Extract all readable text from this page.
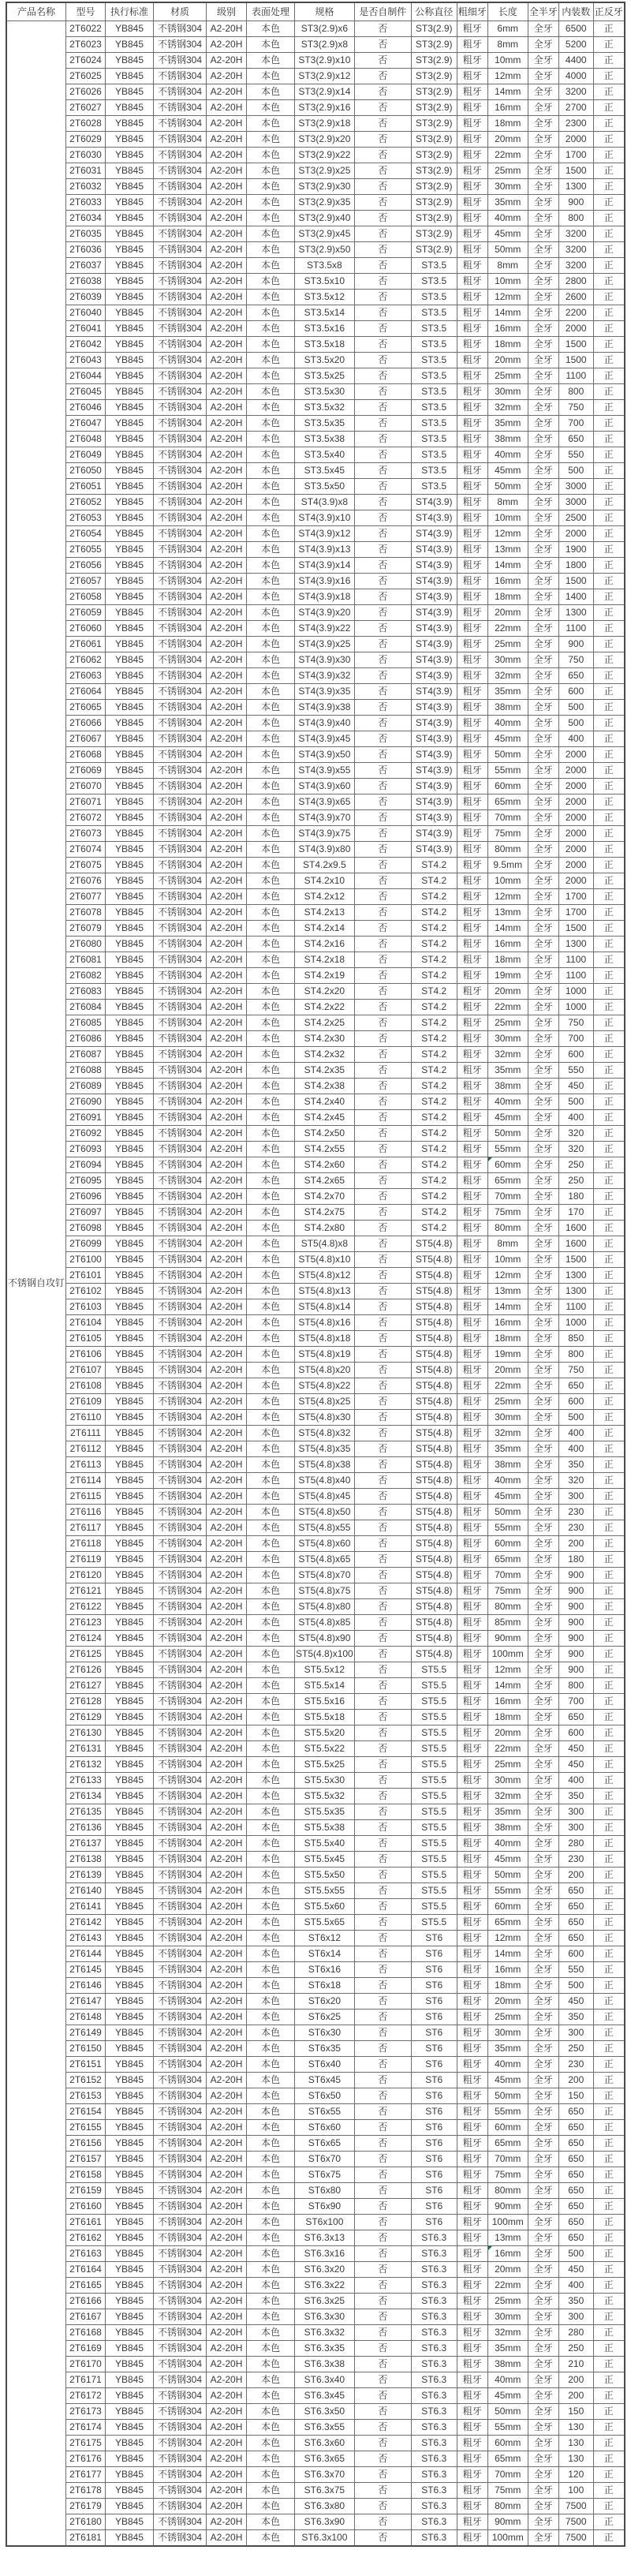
产品名称	型号	执行标准	材质	级别	表面处理	规格	是否自制件	公称直径	粗细牙	长度	全半牙	内装数	正反牙
不锈钢自攻钉	2T6022	YB845	不锈钢304	A2-20H	本色	ST3(2.9)x6	否	ST3(2.9)	粗牙	6mm	全牙	6500	正
	2T6023	YB845	不锈钢304	A2-20H	本色	ST3(2.9)x8	否	ST3(2.9)	粗牙	8mm	全牙	5200	正
	2T6024	YB845	不锈钢304	A2-20H	本色	ST3(2.9)x10	否	ST3(2.9)	粗牙	10mm	全牙	4400	正
	2T6025	YB845	不锈钢304	A2-20H	本色	ST3(2.9)x12	否	ST3(2.9)	粗牙	12mm	全牙	4000	正
	2T6026	YB845	不锈钢304	A2-20H	本色	ST3(2.9)x14	否	ST3(2.9)	粗牙	14mm	全牙	3200	正
	2T6027	YB845	不锈钢304	A2-20H	本色	ST3(2.9)x16	否	ST3(2.9)	粗牙	16mm	全牙	2700	正
	2T6028	YB845	不锈钢304	A2-20H	本色	ST3(2.9)x18	否	ST3(2.9)	粗牙	18mm	全牙	2300	正
	2T6029	YB845	不锈钢304	A2-20H	本色	ST3(2.9)x20	否	ST3(2.9)	粗牙	20mm	全牙	2000	正
	2T6030	YB845	不锈钢304	A2-20H	本色	ST3(2.9)x22	否	ST3(2.9)	粗牙	22mm	全牙	1700	正
	2T6031	YB845	不锈钢304	A2-20H	本色	ST3(2.9)x25	否	ST3(2.9)	粗牙	25mm	全牙	1500	正
	2T6032	YB845	不锈钢304	A2-20H	本色	ST3(2.9)x30	否	ST3(2.9)	粗牙	30mm	全牙	1300	正
	2T6033	YB845	不锈钢304	A2-20H	本色	ST3(2.9)x35	否	ST3(2.9)	粗牙	35mm	全牙	900	正
	2T6034	YB845	不锈钢304	A2-20H	本色	ST3(2.9)x40	否	ST3(2.9)	粗牙	40mm	全牙	800	正
	2T6035	YB845	不锈钢304	A2-20H	本色	ST3(2.9)x45	否	ST3(2.9)	粗牙	45mm	全牙	3200	正
	2T6036	YB845	不锈钢304	A2-20H	本色	ST3(2.9)x50	否	ST3(2.9)	粗牙	50mm	全牙	3200	正
	2T6037	YB845	不锈钢304	A2-20H	本色	ST3.5x8	否	ST3.5	粗牙	8mm	全牙	3200	正
	2T6038	YB845	不锈钢304	A2-20H	本色	ST3.5x10	否	ST3.5	粗牙	10mm	全牙	2800	正
	2T6039	YB845	不锈钢304	A2-20H	本色	ST3.5x12	否	ST3.5	粗牙	12mm	全牙	2600	正
	2T6040	YB845	不锈钢304	A2-20H	本色	ST3.5x14	否	ST3.5	粗牙	14mm	全牙	2200	正
	2T6041	YB845	不锈钢304	A2-20H	本色	ST3.5x16	否	ST3.5	粗牙	16mm	全牙	2000	正
	2T6042	YB845	不锈钢304	A2-20H	本色	ST3.5x18	否	ST3.5	粗牙	18mm	全牙	1500	正
	2T6043	YB845	不锈钢304	A2-20H	本色	ST3.5x20	否	ST3.5	粗牙	20mm	全牙	1500	正
	2T6044	YB845	不锈钢304	A2-20H	本色	ST3.5x25	否	ST3.5	粗牙	25mm	全牙	1100	正
	2T6045	YB845	不锈钢304	A2-20H	本色	ST3.5x30	否	ST3.5	粗牙	30mm	全牙	800	正
	2T6046	YB845	不锈钢304	A2-20H	本色	ST3.5x32	否	ST3.5	粗牙	32mm	全牙	750	正
	2T6047	YB845	不锈钢304	A2-20H	本色	ST3.5x35	否	ST3.5	粗牙	35mm	全牙	700	正
	2T6048	YB845	不锈钢304	A2-20H	本色	ST3.5x38	否	ST3.5	粗牙	38mm	全牙	650	正
	2T6049	YB845	不锈钢304	A2-20H	本色	ST3.5x40	否	ST3.5	粗牙	40mm	全牙	550	正
	2T6050	YB845	不锈钢304	A2-20H	本色	ST3.5x45	否	ST3.5	粗牙	45mm	全牙	500	正
	2T6051	YB845	不锈钢304	A2-20H	本色	ST3.5x50	否	ST3.5	粗牙	50mm	全牙	3000	正
	2T6052	YB845	不锈钢304	A2-20H	本色	ST4(3.9)x8	否	ST4(3.9)	粗牙	8mm	全牙	3000	正
	2T6053	YB845	不锈钢304	A2-20H	本色	ST4(3.9)x10	否	ST4(3.9)	粗牙	10mm	全牙	2500	正
	2T6054	YB845	不锈钢304	A2-20H	本色	ST4(3.9)x12	否	ST4(3.9)	粗牙	12mm	全牙	2000	正
	2T6055	YB845	不锈钢304	A2-20H	本色	ST4(3.9)x13	否	ST4(3.9)	粗牙	13mm	全牙	1900	正
	2T6056	YB845	不锈钢304	A2-20H	本色	ST4(3.9)x14	否	ST4(3.9)	粗牙	14mm	全牙	1800	正
	2T6057	YB845	不锈钢304	A2-20H	本色	ST4(3.9)x16	否	ST4(3.9)	粗牙	16mm	全牙	1500	正
	2T6058	YB845	不锈钢304	A2-20H	本色	ST4(3.9)x18	否	ST4(3.9)	粗牙	18mm	全牙	1400	正
	2T6059	YB845	不锈钢304	A2-20H	本色	ST4(3.9)x20	否	ST4(3.9)	粗牙	20mm	全牙	1300	正
	2T6060	YB845	不锈钢304	A2-20H	本色	ST4(3.9)x22	否	ST4(3.9)	粗牙	22mm	全牙	1100	正
	2T6061	YB845	不锈钢304	A2-20H	本色	ST4(3.9)x25	否	ST4(3.9)	粗牙	25mm	全牙	900	正
	2T6062	YB845	不锈钢304	A2-20H	本色	ST4(3.9)x30	否	ST4(3.9)	粗牙	30mm	全牙	750	正
	2T6063	YB845	不锈钢304	A2-20H	本色	ST4(3.9)x32	否	ST4(3.9)	粗牙	32mm	全牙	650	正
	2T6064	YB845	不锈钢304	A2-20H	本色	ST4(3.9)x35	否	ST4(3.9)	粗牙	35mm	全牙	600	正
	2T6065	YB845	不锈钢304	A2-20H	本色	ST4(3.9)x38	否	ST4(3.9)	粗牙	38mm	全牙	500	正
	2T6066	YB845	不锈钢304	A2-20H	本色	ST4(3.9)x40	否	ST4(3.9)	粗牙	40mm	全牙	500	正
	2T6067	YB845	不锈钢304	A2-20H	本色	ST4(3.9)x45	否	ST4(3.9)	粗牙	45mm	全牙	400	正
	2T6068	YB845	不锈钢304	A2-20H	本色	ST4(3.9)x50	否	ST4(3.9)	粗牙	50mm	全牙	2000	正
	2T6069	YB845	不锈钢304	A2-20H	本色	ST4(3.9)x55	否	ST4(3.9)	粗牙	55mm	全牙	2000	正
	2T6070	YB845	不锈钢304	A2-20H	本色	ST4(3.9)x60	否	ST4(3.9)	粗牙	60mm	全牙	2000	正
	2T6071	YB845	不锈钢304	A2-20H	本色	ST4(3.9)x65	否	ST4(3.9)	粗牙	65mm	全牙	2000	正
	2T6072	YB845	不锈钢304	A2-20H	本色	ST4(3.9)x70	否	ST4(3.9)	粗牙	70mm	全牙	2000	正
	2T6073	YB845	不锈钢304	A2-20H	本色	ST4(3.9)x75	否	ST4(3.9)	粗牙	75mm	全牙	2000	正
	2T6074	YB845	不锈钢304	A2-20H	本色	ST4(3.9)x80	否	ST4(3.9)	粗牙	80mm	全牙	2000	正
	2T6075	YB845	不锈钢304	A2-20H	本色	ST4.2x9.5	否	ST4.2	粗牙	9.5mm	全牙	2000	正
	2T6076	YB845	不锈钢304	A2-20H	本色	ST4.2x10	否	ST4.2	粗牙	10mm	全牙	2000	正
	2T6077	YB845	不锈钢304	A2-20H	本色	ST4.2x12	否	ST4.2	粗牙	12mm	全牙	1700	正
	2T6078	YB845	不锈钢304	A2-20H	本色	ST4.2x13	否	ST4.2	粗牙	13mm	全牙	1700	正
	2T6079	YB845	不锈钢304	A2-20H	本色	ST4.2x14	否	ST4.2	粗牙	14mm	全牙	1500	正
	2T6080	YB845	不锈钢304	A2-20H	本色	ST4.2x16	否	ST4.2	粗牙	16mm	全牙	1300	正
	2T6081	YB845	不锈钢304	A2-20H	本色	ST4.2x18	否	ST4.2	粗牙	18mm	全牙	1100	正
	2T6082	YB845	不锈钢304	A2-20H	本色	ST4.2x19	否	ST4.2	粗牙	19mm	全牙	1100	正
	2T6083	YB845	不锈钢304	A2-20H	本色	ST4.2x20	否	ST4.2	粗牙	20mm	全牙	1000	正
	2T6084	YB845	不锈钢304	A2-20H	本色	ST4.2x22	否	ST4.2	粗牙	22mm	全牙	1000	正
	2T6085	YB845	不锈钢304	A2-20H	本色	ST4.2x25	否	ST4.2	粗牙	25mm	全牙	750	正
	2T6086	YB845	不锈钢304	A2-20H	本色	ST4.2x30	否	ST4.2	粗牙	30mm	全牙	700	正
	2T6087	YB845	不锈钢304	A2-20H	本色	ST4.2x32	否	ST4.2	粗牙	32mm	全牙	600	正
	2T6088	YB845	不锈钢304	A2-20H	本色	ST4.2x35	否	ST4.2	粗牙	35mm	全牙	550	正
	2T6089	YB845	不锈钢304	A2-20H	本色	ST4.2x38	否	ST4.2	粗牙	38mm	全牙	450	正
	2T6090	YB845	不锈钢304	A2-20H	本色	ST4.2x40	否	ST4.2	粗牙	40mm	全牙	500	正
	2T6091	YB845	不锈钢304	A2-20H	本色	ST4.2x45	否	ST4.2	粗牙	45mm	全牙	400	正
	2T6092	YB845	不锈钢304	A2-20H	本色	ST4.2x50	否	ST4.2	粗牙	50mm	全牙	320	正
	2T6093	YB845	不锈钢304	A2-20H	本色	ST4.2x55	否	ST4.2	粗牙	55mm	全牙	320	正
	2T6094	YB845	不锈钢304	A2-20H	本色	ST4.2x60	否	ST4.2	粗牙	60mm	全牙	250	正
	2T6095	YB845	不锈钢304	A2-20H	本色	ST4.2x65	否	ST4.2	粗牙	65mm	全牙	250	正
	2T6096	YB845	不锈钢304	A2-20H	本色	ST4.2x70	否	ST4.2	粗牙	70mm	全牙	180	正
	2T6097	YB845	不锈钢304	A2-20H	本色	ST4.2x75	否	ST4.2	粗牙	75mm	全牙	170	正
	2T6098	YB845	不锈钢304	A2-20H	本色	ST4.2x80	否	ST4.2	粗牙	80mm	全牙	1600	正
	2T6099	YB845	不锈钢304	A2-20H	本色	ST5(4.8)x8	否	ST5(4.8)	粗牙	8mm	全牙	1600	正
	2T6100	YB845	不锈钢304	A2-20H	本色	ST5(4.8)x10	否	ST5(4.8)	粗牙	10mm	全牙	1500	正
	2T6101	YB845	不锈钢304	A2-20H	本色	ST5(4.8)x12	否	ST5(4.8)	粗牙	12mm	全牙	1300	正
	2T6102	YB845	不锈钢304	A2-20H	本色	ST5(4.8)x13	否	ST5(4.8)	粗牙	13mm	全牙	1300	正
	2T6103	YB845	不锈钢304	A2-20H	本色	ST5(4.8)x14	否	ST5(4.8)	粗牙	14mm	全牙	1100	正
	2T6104	YB845	不锈钢304	A2-20H	本色	ST5(4.8)x16	否	ST5(4.8)	粗牙	16mm	全牙	1000	正
	2T6105	YB845	不锈钢304	A2-20H	本色	ST5(4.8)x18	否	ST5(4.8)	粗牙	18mm	全牙	850	正
	2T6106	YB845	不锈钢304	A2-20H	本色	ST5(4.8)x19	否	ST5(4.8)	粗牙	19mm	全牙	800	正
	2T6107	YB845	不锈钢304	A2-20H	本色	ST5(4.8)x20	否	ST5(4.8)	粗牙	20mm	全牙	750	正
	2T6108	YB845	不锈钢304	A2-20H	本色	ST5(4.8)x22	否	ST5(4.8)	粗牙	22mm	全牙	650	正
	2T6109	YB845	不锈钢304	A2-20H	本色	ST5(4.8)x25	否	ST5(4.8)	粗牙	25mm	全牙	600	正
	2T6110	YB845	不锈钢304	A2-20H	本色	ST5(4.8)x30	否	ST5(4.8)	粗牙	30mm	全牙	500	正
	2T6111	YB845	不锈钢304	A2-20H	本色	ST5(4.8)x32	否	ST5(4.8)	粗牙	32mm	全牙	400	正
	2T6112	YB845	不锈钢304	A2-20H	本色	ST5(4.8)x35	否	ST5(4.8)	粗牙	35mm	全牙	400	正
	2T6113	YB845	不锈钢304	A2-20H	本色	ST5(4.8)x38	否	ST5(4.8)	粗牙	38mm	全牙	350	正
	2T6114	YB845	不锈钢304	A2-20H	本色	ST5(4.8)x40	否	ST5(4.8)	粗牙	40mm	全牙	320	正
	2T6115	YB845	不锈钢304	A2-20H	本色	ST5(4.8)x45	否	ST5(4.8)	粗牙	45mm	全牙	300	正
	2T6116	YB845	不锈钢304	A2-20H	本色	ST5(4.8)x50	否	ST5(4.8)	粗牙	50mm	全牙	230	正
	2T6117	YB845	不锈钢304	A2-20H	本色	ST5(4.8)x55	否	ST5(4.8)	粗牙	55mm	全牙	230	正
	2T6118	YB845	不锈钢304	A2-20H	本色	ST5(4.8)x60	否	ST5(4.8)	粗牙	60mm	全牙	200	正
	2T6119	YB845	不锈钢304	A2-20H	本色	ST5(4.8)x65	否	ST5(4.8)	粗牙	65mm	全牙	180	正
	2T6120	YB845	不锈钢304	A2-20H	本色	ST5(4.8)x70	否	ST5(4.8)	粗牙	70mm	全牙	900	正
	2T6121	YB845	不锈钢304	A2-20H	本色	ST5(4.8)x75	否	ST5(4.8)	粗牙	75mm	全牙	900	正
	2T6122	YB845	不锈钢304	A2-20H	本色	ST5(4.8)x80	否	ST5(4.8)	粗牙	80mm	全牙	900	正
	2T6123	YB845	不锈钢304	A2-20H	本色	ST5(4.8)x85	否	ST5(4.8)	粗牙	85mm	全牙	900	正
	2T6124	YB845	不锈钢304	A2-20H	本色	ST5(4.8)x90	否	ST5(4.8)	粗牙	90mm	全牙	900	正
	2T6125	YB845	不锈钢304	A2-20H	本色	ST5(4.8)x100	否	ST5(4.8)	粗牙	100mm	全牙	900	正
	2T6126	YB845	不锈钢304	A2-20H	本色	ST5.5x12	否	ST5.5	粗牙	12mm	全牙	900	正
	2T6127	YB845	不锈钢304	A2-20H	本色	ST5.5x14	否	ST5.5	粗牙	14mm	全牙	800	正
	2T6128	YB845	不锈钢304	A2-20H	本色	ST5.5x16	否	ST5.5	粗牙	16mm	全牙	700	正
	2T6129	YB845	不锈钢304	A2-20H	本色	ST5.5x18	否	ST5.5	粗牙	18mm	全牙	650	正
	2T6130	YB845	不锈钢304	A2-20H	本色	ST5.5x20	否	ST5.5	粗牙	20mm	全牙	600	正
	2T6131	YB845	不锈钢304	A2-20H	本色	ST5.5x22	否	ST5.5	粗牙	22mm	全牙	450	正
	2T6132	YB845	不锈钢304	A2-20H	本色	ST5.5x25	否	ST5.5	粗牙	25mm	全牙	450	正
	2T6133	YB845	不锈钢304	A2-20H	本色	ST5.5x30	否	ST5.5	粗牙	30mm	全牙	400	正
	2T6134	YB845	不锈钢304	A2-20H	本色	ST5.5x32	否	ST5.5	粗牙	32mm	全牙	350	正
	2T6135	YB845	不锈钢304	A2-20H	本色	ST5.5x35	否	ST5.5	粗牙	35mm	全牙	300	正
	2T6136	YB845	不锈钢304	A2-20H	本色	ST5.5x38	否	ST5.5	粗牙	38mm	全牙	300	正
	2T6137	YB845	不锈钢304	A2-20H	本色	ST5.5x40	否	ST5.5	粗牙	40mm	全牙	280	正
	2T6138	YB845	不锈钢304	A2-20H	本色	ST5.5x45	否	ST5.5	粗牙	45mm	全牙	230	正
	2T6139	YB845	不锈钢304	A2-20H	本色	ST5.5x50	否	ST5.5	粗牙	50mm	全牙	200	正
	2T6140	YB845	不锈钢304	A2-20H	本色	ST5.5x55	否	ST5.5	粗牙	55mm	全牙	650	正
	2T6141	YB845	不锈钢304	A2-20H	本色	ST5.5x60	否	ST5.5	粗牙	60mm	全牙	650	正
	2T6142	YB845	不锈钢304	A2-20H	本色	ST5.5x65	否	ST5.5	粗牙	65mm	全牙	650	正
	2T6143	YB845	不锈钢304	A2-20H	本色	ST6x12	否	ST6	粗牙	12mm	全牙	650	正
	2T6144	YB845	不锈钢304	A2-20H	本色	ST6x14	否	ST6	粗牙	14mm	全牙	600	正
	2T6145	YB845	不锈钢304	A2-20H	本色	ST6x16	否	ST6	粗牙	16mm	全牙	550	正
	2T6146	YB845	不锈钢304	A2-20H	本色	ST6x18	否	ST6	粗牙	18mm	全牙	500	正
	2T6147	YB845	不锈钢304	A2-20H	本色	ST6x20	否	ST6	粗牙	20mm	全牙	450	正
	2T6148	YB845	不锈钢304	A2-20H	本色	ST6x25	否	ST6	粗牙	25mm	全牙	350	正
	2T6149	YB845	不锈钢304	A2-20H	本色	ST6x30	否	ST6	粗牙	30mm	全牙	300	正
	2T6150	YB845	不锈钢304	A2-20H	本色	ST6x35	否	ST6	粗牙	35mm	全牙	250	正
	2T6151	YB845	不锈钢304	A2-20H	本色	ST6x40	否	ST6	粗牙	40mm	全牙	230	正
	2T6152	YB845	不锈钢304	A2-20H	本色	ST6x45	否	ST6	粗牙	45mm	全牙	200	正
	2T6153	YB845	不锈钢304	A2-20H	本色	ST6x50	否	ST6	粗牙	50mm	全牙	150	正
	2T6154	YB845	不锈钢304	A2-20H	本色	ST6x55	否	ST6	粗牙	55mm	全牙	650	正
	2T6155	YB845	不锈钢304	A2-20H	本色	ST6x60	否	ST6	粗牙	60mm	全牙	650	正
	2T6156	YB845	不锈钢304	A2-20H	本色	ST6x65	否	ST6	粗牙	65mm	全牙	650	正
	2T6157	YB845	不锈钢304	A2-20H	本色	ST6x70	否	ST6	粗牙	70mm	全牙	650	正
	2T6158	YB845	不锈钢304	A2-20H	本色	ST6x75	否	ST6	粗牙	75mm	全牙	650	正
	2T6159	YB845	不锈钢304	A2-20H	本色	ST6x80	否	ST6	粗牙	80mm	全牙	650	正
	2T6160	YB845	不锈钢304	A2-20H	本色	ST6x90	否	ST6	粗牙	90mm	全牙	650	正
	2T6161	YB845	不锈钢304	A2-20H	本色	ST6x100	否	ST6	粗牙	100mm	全牙	650	正
	2T6162	YB845	不锈钢304	A2-20H	本色	ST6.3x13	否	ST6.3	粗牙	13mm	全牙	650	正
	2T6163	YB845	不锈钢304	A2-20H	本色	ST6.3x16	否	ST6.3	粗牙	16mm	全牙	500	正
	2T6164	YB845	不锈钢304	A2-20H	本色	ST6.3x20	否	ST6.3	粗牙	20mm	全牙	450	正
	2T6165	YB845	不锈钢304	A2-20H	本色	ST6.3x22	否	ST6.3	粗牙	22mm	全牙	400	正
	2T6166	YB845	不锈钢304	A2-20H	本色	ST6.3x25	否	ST6.3	粗牙	25mm	全牙	350	正
	2T6167	YB845	不锈钢304	A2-20H	本色	ST6.3x30	否	ST6.3	粗牙	30mm	全牙	300	正
	2T6168	YB845	不锈钢304	A2-20H	本色	ST6.3x32	否	ST6.3	粗牙	32mm	全牙	280	正
	2T6169	YB845	不锈钢304	A2-20H	本色	ST6.3x35	否	ST6.3	粗牙	35mm	全牙	250	正
	2T6170	YB845	不锈钢304	A2-20H	本色	ST6.3x38	否	ST6.3	粗牙	38mm	全牙	210	正
	2T6171	YB845	不锈钢304	A2-20H	本色	ST6.3x40	否	ST6.3	粗牙	40mm	全牙	200	正
	2T6172	YB845	不锈钢304	A2-20H	本色	ST6.3x45	否	ST6.3	粗牙	45mm	全牙	200	正
	2T6173	YB845	不锈钢304	A2-20H	本色	ST6.3x50	否	ST6.3	粗牙	50mm	全牙	150	正
	2T6174	YB845	不锈钢304	A2-20H	本色	ST6.3x55	否	ST6.3	粗牙	55mm	全牙	130	正
	2T6175	YB845	不锈钢304	A2-20H	本色	ST6.3x60	否	ST6.3	粗牙	60mm	全牙	130	正
	2T6176	YB845	不锈钢304	A2-20H	本色	ST6.3x65	否	ST6.3	粗牙	65mm	全牙	130	正
	2T6177	YB845	不锈钢304	A2-20H	本色	ST6.3x70	否	ST6.3	粗牙	70mm	全牙	120	正
	2T6178	YB845	不锈钢304	A2-20H	本色	ST6.3x75	否	ST6.3	粗牙	75mm	全牙	100	正
	2T6179	YB845	不锈钢304	A2-20H	本色	ST6.3x80	否	ST6.3	粗牙	80mm	全牙	7500	正
	2T6180	YB845	不锈钢304	A2-20H	本色	ST6.3x90	否	ST6.3	粗牙	90mm	全牙	7500	正
	2T6181	YB845	不锈钢304	A2-20H	本色	ST6.3x100	否	ST6.3	粗牙	100mm	全牙	7500	正
